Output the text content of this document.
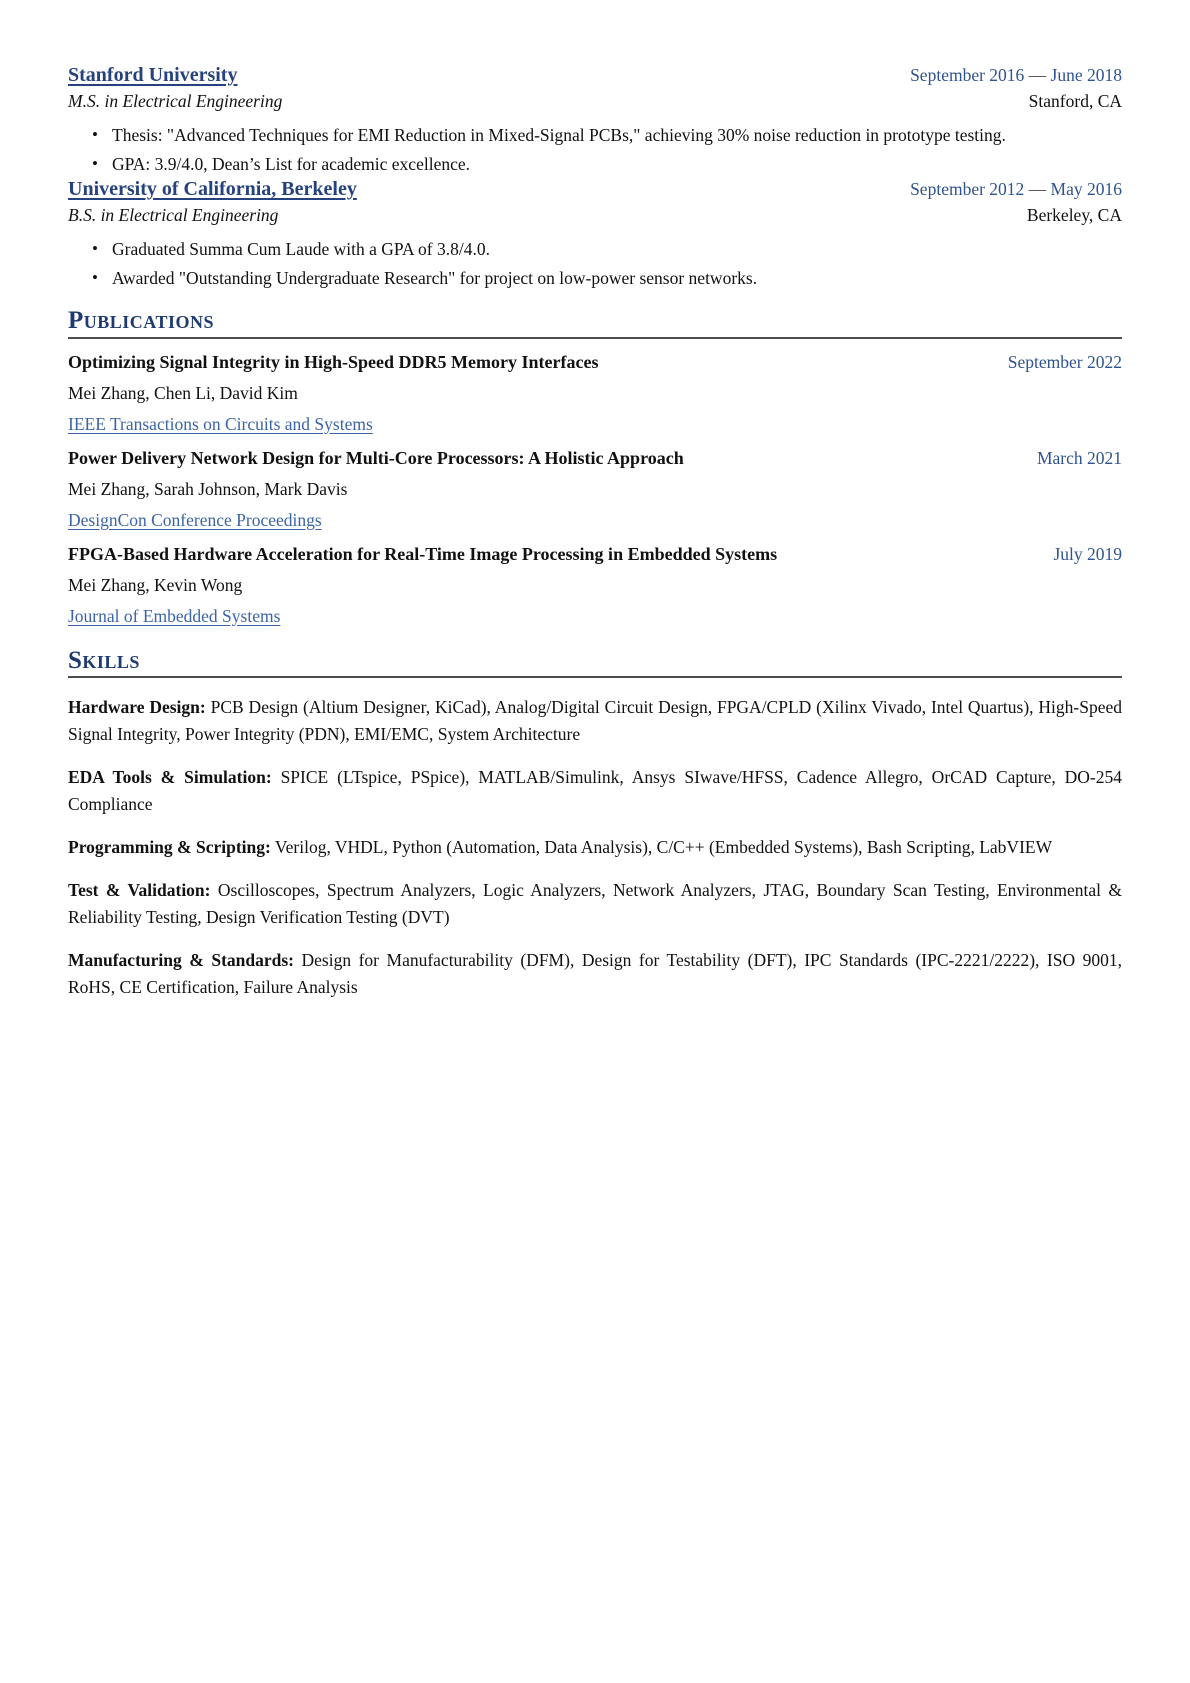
Stanford University	September 2016 — June 2018
M.S. in Electrical Engineering	Stanford, CA
• Thesis: "Advanced Techniques for EMI Reduction in Mixed-Signal PCBs," achieving 30% noise reduction in prototype testing.
• GPA: 3.9/4.0, Dean’s List for academic excellence.
University of California, Berkeley	September 2012 — May 2016
B.S. in Electrical Engineering	Berkeley, CA
• Graduated Summa Cum Laude with a GPA of 3.8/4.0.
• Awarded "Outstanding Undergraduate Research" for project on low-power sensor networks.
Publications
Optimizing Signal Integrity in High-Speed DDR5 Memory Interfaces	September 2022
Mei Zhang, Chen Li, David Kim
IEEE Transactions on Circuits and Systems
Power Delivery Network Design for Multi-Core Processors: A Holistic Approach	March 2021
Mei Zhang, Sarah Johnson, Mark Davis
DesignCon Conference Proceedings
FPGA-Based Hardware Acceleration for Real-Time Image Processing in Embedded Systems	July 2019
Mei Zhang, Kevin Wong
Journal of Embedded Systems
Skills

Hardware Design: PCB Design (Altium Designer, KiCad), Analog/Digital Circuit Design, FPGA/CPLD (Xilinx Vivado, Intel Quartus), High-Speed Signal Integrity, Power Integrity (PDN), EMI/EMC, System Architecture

EDA Tools & Simulation: SPICE (LTspice, PSpice), MATLAB/Simulink, Ansys SIwave/HFSS, Cadence Allegro, OrCAD Capture, DO-254 Compliance

Programming & Scripting: Verilog, VHDL, Python (Automation, Data Analysis), C/C++ (Embedded Systems), Bash Scripting, LabVIEW

Test & Validation: Oscilloscopes, Spectrum Analyzers, Logic Analyzers, Network Analyzers, JTAG, Boundary Scan Testing, Environmental & Reliability Testing, Design Verification Testing (DVT)

Manufacturing & Standards: Design for Manufacturability (DFM), Design for Testability (DFT), IPC Standards (IPC-2221/2222), ISO 9001, RoHS, CE Certification, Failure Analysis
